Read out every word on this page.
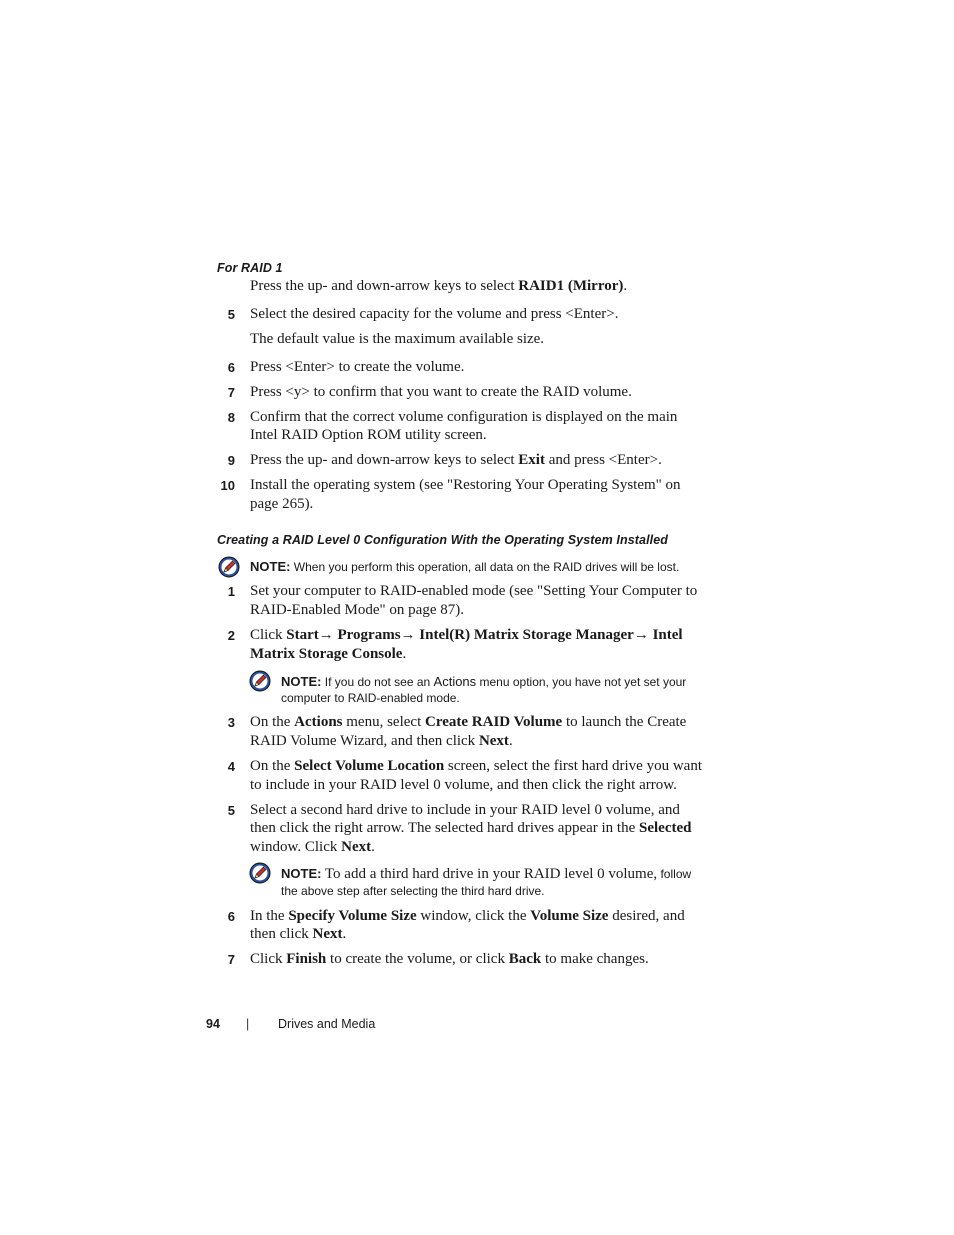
For RAID 1
Press the up- and down-arrow keys to select RAID1 (Mirror).
5 Select the desired capacity for the volume and press <Enter>.
The default value is the maximum available size.
6 Press <Enter> to create the volume.
7 Press <y> to confirm that you want to create the RAID volume.
8 Confirm that the correct volume configuration is displayed on the main
Intel RAID Option ROM utility screen.
9 Press the up- and down-arrow keys to select Exit and press <Enter>.
10 Install the operating system (see "Restoring Your Operating System" on
page 265).
Creating a RAID Level 0 Configuration With the Operating System Installed
NOTE: When you perform this operation, all data on the RAID drives will be lost.
1 Set your computer to RAID-enabled mode (see "Setting Your Computer to
RAID-Enabled Mode" on page 87).
2 Click Start→ Programs→ Intel(R) Matrix Storage Manager→ Intel
Matrix Storage Console.
NOTE: If you do not see an Actions menu option, you have not yet set your
computer to RAID-enabled mode.
3 On the Actions menu, select Create RAID Volume to launch the Create
RAID Volume Wizard, and then click Next.
4 On the Select Volume Location screen, select the first hard drive you want
to include in your RAID level 0 volume, and then click the right arrow.
5 Select a second hard drive to include in your RAID level 0 volume, and
then click the right arrow. The selected hard drives appear in the Selected
window. Click Next.
NOTE: To add a third hard drive in your RAID level 0 volume, follow
the above step after selecting the third hard drive.
6 In the Specify Volume Size window, click the Volume Size desired, and
then click Next.
7 Click Finish to create the volume, or click Back to make changes.
94 | Drives and Media
